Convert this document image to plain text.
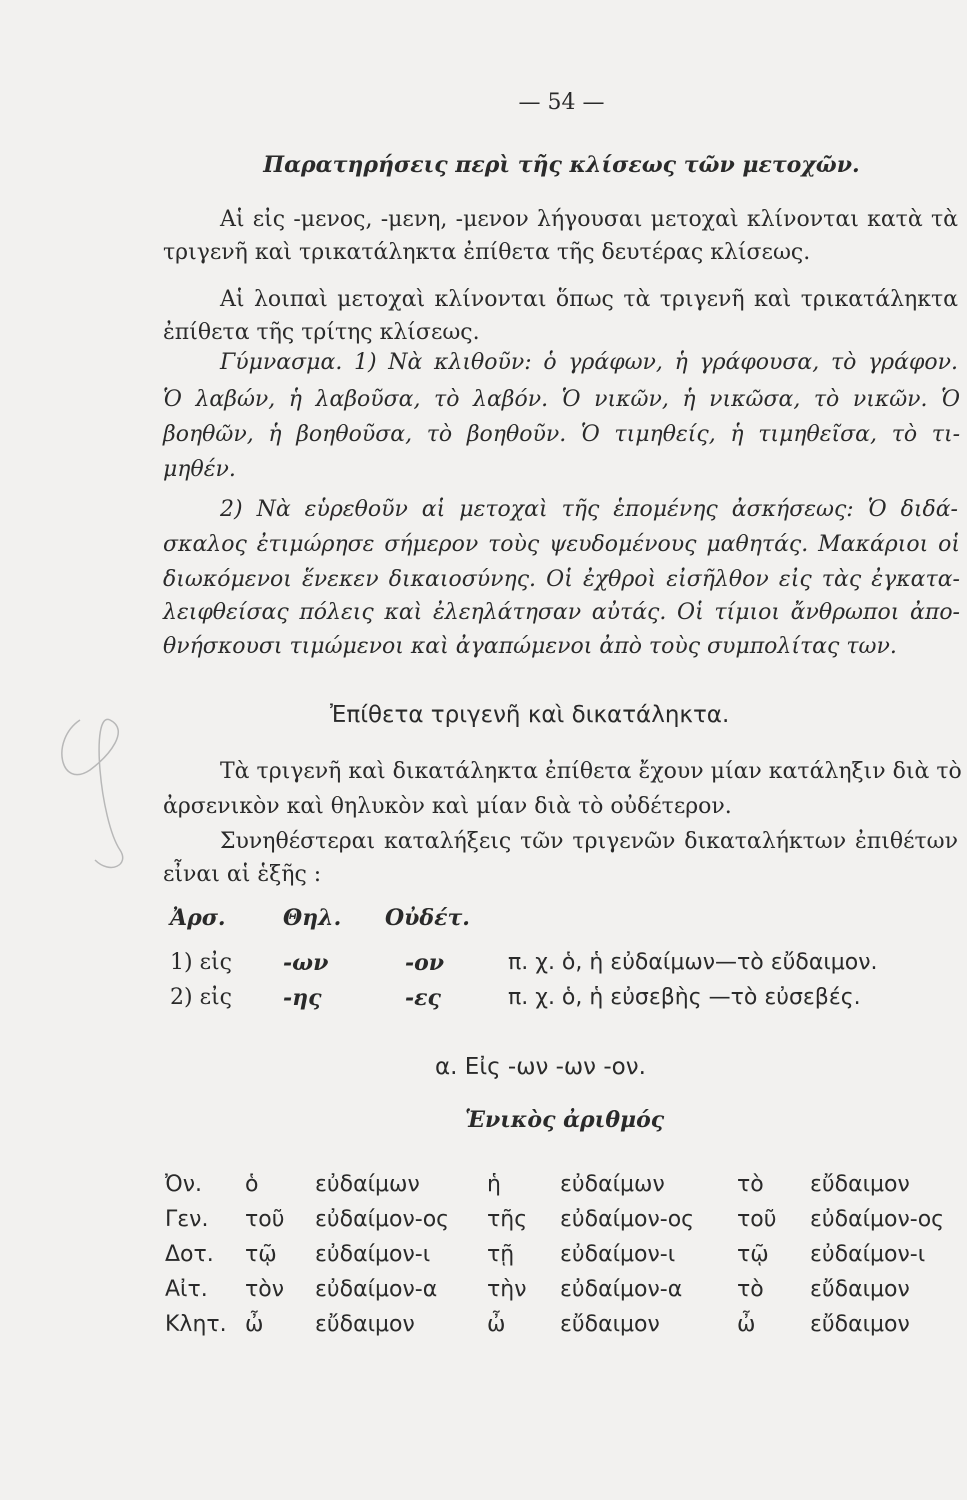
— 54 —
Παρατηρήσεις περὶ τῆς κλίσεως τῶν μετοχῶν.
Αἱ εἰς -μενος, -μενη, -μενον λήγουσαι μετοχαὶ κλίνονται κατὰ τὰ
τριγενῆ καὶ τρικατάληκτα ἐπίθετα τῆς δευτέρας κλίσεως.
Αἱ λοιπαὶ μετοχαὶ κλίνονται ὅπως τὰ τριγενῆ καὶ τρικατάληκτα
ἐπίθετα τῆς τρίτης κλίσεως.
Γύμνασμα. 1) Νὰ κλιθοῦν: ὁ γράφων, ἡ γράφουσα, τὸ γράφον.
Ὁ λαβών, ἡ λαβοῦσα, τὸ λαβόν. Ὁ νικῶν, ἡ νικῶσα, τὸ νικῶν. Ὁ
βοηθῶν, ἡ βοηθοῦσα, τὸ βοηθοῦν. Ὁ τιμηθείς, ἡ τιμηθεῖσα, τὸ τι-
μηθέν.
2) Νὰ εὑρεθοῦν αἱ μετοχαὶ τῆς ἑπομένης ἀσκήσεως: Ὁ διδά-
σκαλος ἐτιμώρησε σήμερον τοὺς ψευδομένους μαθητάς. Μακάριοι οἱ
διωκόμενοι ἕνεκεν δικαιοσύνης. Οἱ ἐχθροὶ εἰσῆλθον εἰς τὰς ἐγκατα-
λειφθείσας πόλεις καὶ ἐλεηλάτησαν αὐτάς. Οἱ τίμιοι ἄνθρωποι ἀπο-
θνήσκουσι τιμώμενοι καὶ ἀγαπώμενοι ἀπὸ τοὺς συμπολίτας των.
Ἐπίθετα τριγενῆ καὶ δικατάληκτα.
Τὰ τριγενῆ καὶ δικατάληκτα ἐπίθετα ἔχουν μίαν κατάληξιν διὰ τὸ
ἀρσενικὸν καὶ θηλυκὸν καὶ μίαν διὰ τὸ οὐδέτερον.
Συνηθέστεραι καταλήξεις τῶν τριγενῶν δικαταλήκτων ἐπιθέτων
εἶναι αἱ ἑξῆς :
Ἀρσ.	Θηλ. Οὐδέτ.
1) εἰς -ων	-ον	π. χ. ὁ, ἡ εὐδαίμων—τὸ εὔδαιμον.
2) εἰς -ης	-ες	π. χ. ὁ, ἡ εὐσεβὴς —τὸ εὐσεβές.
α. Εἰς -ων -ων -ον.
Ἑνικὸς ἀριθμός
Ὀν. ὁ	εὐδαίμων	ἡ	εὐδαίμων	τὸ εὔδαιμον
Γεν. τοῦ εὐδαίμον-ος τῆς εὐδαίμον-ος τοῦ εὐδαίμον-ος
Δοτ. τῷ εὐδαίμον-ι	τῇ εὐδαίμον-ι	τῷ εὐδαίμον-ι
Αἰτ. τὸν εὐδαίμον-α τὴν εὐδαίμον-α τὸ εὔδαιμον
Κλητ. ὦ εὔδαιμον	ὦ εὔδαιμον	ὦ εὔδαιμον
